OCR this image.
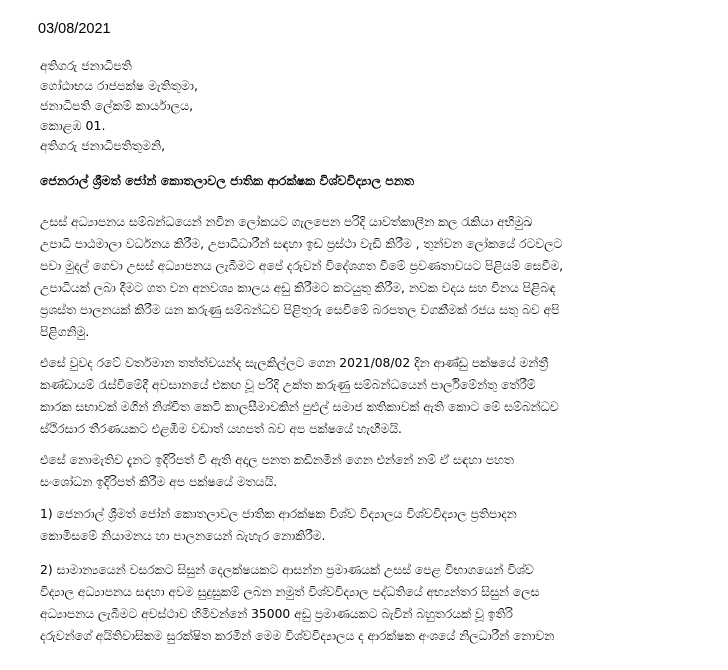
03/08/2021
අතිගරු ජනාධිපති
ගෝඨාභය රාජපක්ෂ මැතිතුමා,
ජනාධිපති ලේකම් කාර්යාලය,
කොළඹ 01.
අතිගරු ජනාධිපතිතුමනි,
ජෙනරාල් ශ්‍රීමත් ජෝන් කොතලාවල ජාතික ආරක්ෂක විශ්වවිද්‍යාල පනත
උසස් අධ්‍යාපනය සම්බන්ධයෙන් නවීන ලෝකයට ගැලපෙන පරිදි යාවත්කාලීන කල රැකියා අභිමුඛ
උපාධි පාඨමාලා වර්ධනය කිරීම, උපාධිධාරීන් සඳහා ඉඩ ප්‍රස්ථා වැඩි කිරීම , තුන්වන ලෝකයේ රටවලට
පවා මුදල් ගෙවා උසස් අධ්‍යාපනය ලැබීමට අපේ දරුවන් විදේශගත වීමේ ප්‍රවණතාවයට පිළියම් සෙවීම,
උපාධියක් ලබා දීමට ගත වන අනවශ්‍ය කාලය අඩු කිරීමට කටයුතු කිරීම, නවක වදය සහ විනය පිළිබඳ
ප්‍රශස්ත පාලනයක් කිරීම යන කරුණු සම්බන්ධව පිළිතුරු සෙවීමේ බරපතල වගකීමක් රජය සතු බව අපි
පිළිගනිමු.
එසේ වුවද රටේ වර්තමාන තත්ත්වයන්ද සැලකිල්ලට ගෙන 2021/08/02 දින ආණ්ඩු පක්ෂයේ මන්ත්‍රී
කණ්ඩායම් රැස්වීමේදී අවසානයේ එකඟ වූ පරිදි උක්ත කරුණු සම්බන්ධයෙන් පාර්ලිමේන්තු තේරීම්
කාරක සභාවක් මගින් නිශ්චිත කෙටි කාලසීමාවකින් පුළුල් සමාජ කතිකාවක් ඇති කොට මේ සම්බන්ධව
ස්ථිරසාර තීරණයකට එළඹීම වඩාත් යහපත් බව අප පක්ෂයේ හැඟීමයි.
එසේ නොමැතිව දැනට ඉදිරිපත් වී ඇති අදාල පනත කඩිනමින් ගෙන එන්නේ නම් ඒ සඳහා පහත
සංශෝධන ඉදිරිපත් කිරීම අප පක්ෂයේ මතයයි.
1) ජෙනරාල් ශ්‍රීමත් ජෝන් කොතලාවල ජාතික ආරක්ෂක විශ්ව විද්‍යාලය විශ්වවිද්‍යාල ප්‍රතිපාදන
කොමිසමේ නියාමනය හා පාලනයෙන් බැහැර නොකිරීම.
2) සාමාන්‍යයෙන් වසරකට සිසුන් දෙලක්ෂයකට ආසන්න ප්‍රමාණයක් උසස් පෙළ විභාගයෙන් විශ්ව
විද්‍යාල අධ්‍යාපනය සඳහා අවම සුදුසුකම් ලබන නමුත් විශ්වවිද්‍යාල පද්ධතියේ අභ්‍යන්තර සිසුන් ලෙස
අධ්‍යාපනය ලැබීමට අවස්ථාව හිමිවන්නේ 35000 අඩු ප්‍රමාණයකට බැවින් බහුතරයක් වූ ඉතිරි
දරුවන්ගේ අයිතිවාසිකම සුරක්ෂිත කරමින් මෙම විශ්වවිද්‍යාලය ද ආරක්ෂක අංශයේ නිලධාරීන් නොවන
